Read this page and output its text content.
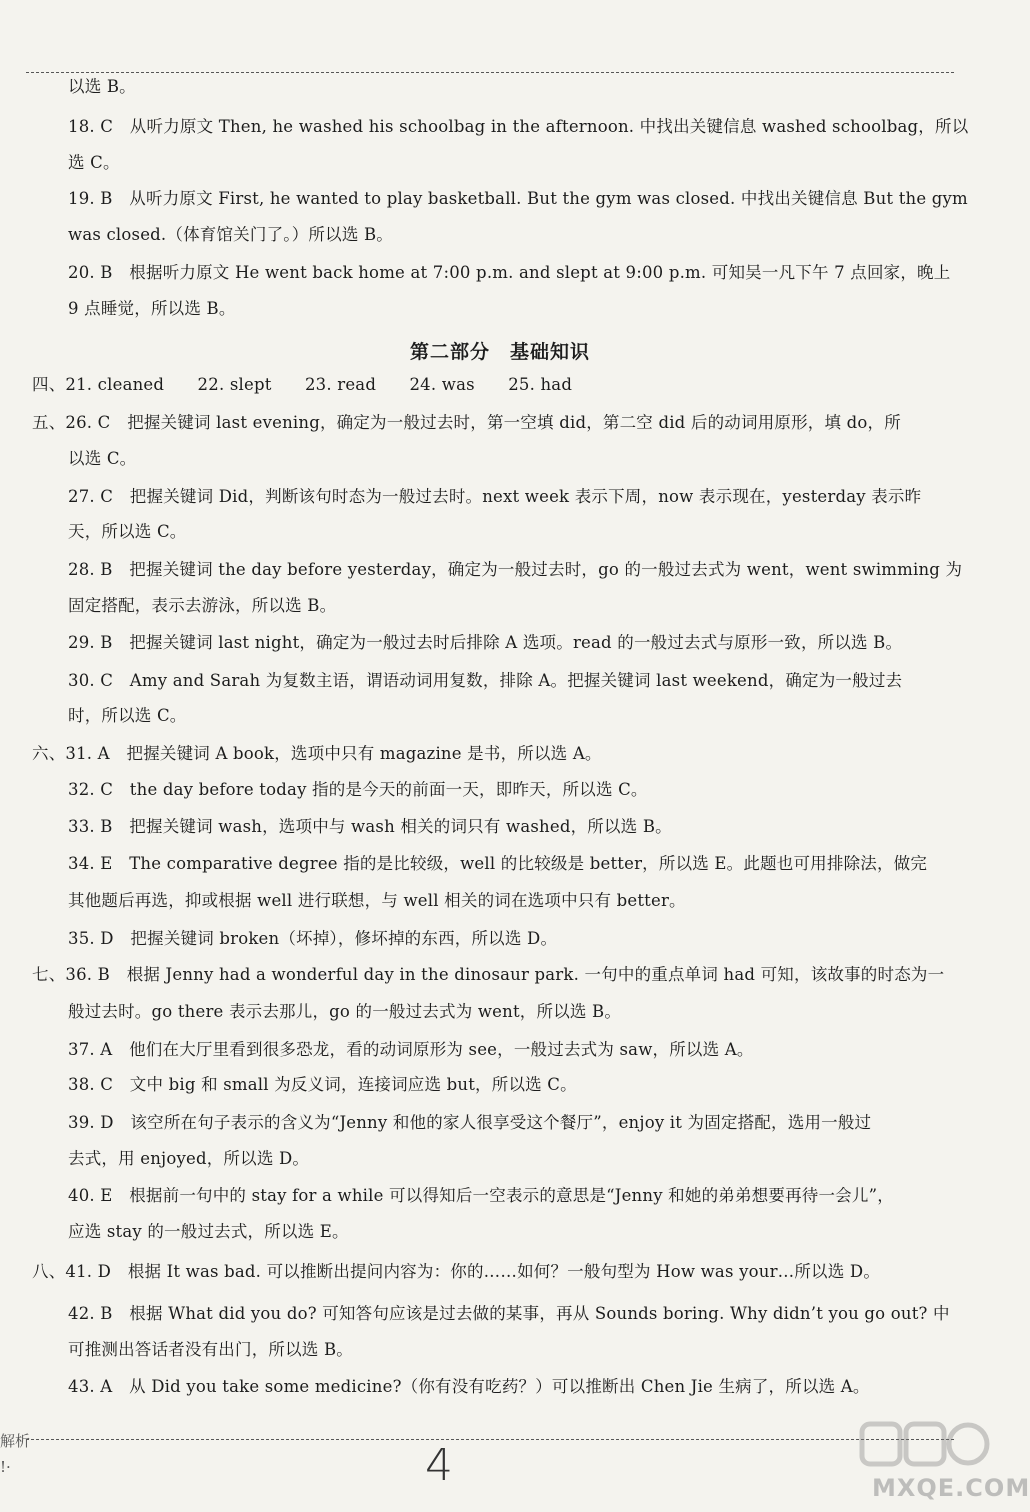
以选 B。
18. C　从听力原文 Then, he washed his schoolbag in the afternoon. 中找出关键信息 washed schoolbag，所以
选 C。
19. B　从听力原文 First, he wanted to play basketball. But the gym was closed. 中找出关键信息 But the gym
was closed.（体育馆关门了。）所以选 B。
20. B　根据听力原文 He went back home at 7:00 p.m. and slept at 9:00 p.m. 可知吴一凡下午 7 点回家，晚上
9 点睡觉，所以选 B。
第二部分　基础知识
四、21. cleaned　　22. slept　　23. read　　24. was　　25. had
五、26. C　把握关键词 last evening，确定为一般过去时，第一空填 did，第二空 did 后的动词用原形，填 do，所
以选 C。
27. C　把握关键词 Did，判断该句时态为一般过去时。next week 表示下周，now 表示现在，yesterday 表示昨
天，所以选 C。
28. B　把握关键词 the day before yesterday，确定为一般过去时，go 的一般过去式为 went，went swimming 为
固定搭配，表示去游泳，所以选 B。
29. B　把握关键词 last night，确定为一般过去时后排除 A 选项。read 的一般过去式与原形一致，所以选 B。
30. C　Amy and Sarah 为复数主语，谓语动词用复数，排除 A。把握关键词 last weekend，确定为一般过去
时，所以选 C。
六、31. A　把握关键词 A book，选项中只有 magazine 是书，所以选 A。
32. C　the day before today 指的是今天的前面一天，即昨天，所以选 C。
33. B　把握关键词 wash，选项中与 wash 相关的词只有 washed，所以选 B。
34. E　The comparative degree 指的是比较级，well 的比较级是 better，所以选 E。此题也可用排除法，做完
其他题后再选，抑或根据 well 进行联想，与 well 相关的词在选项中只有 better。
35. D　把握关键词 broken（坏掉），修坏掉的东西，所以选 D。
七、36. B　根据 Jenny had a wonderful day in the dinosaur park. 一句中的重点单词 had 可知，该故事的时态为一
般过去时。go there 表示去那儿，go 的一般过去式为 went，所以选 B。
37. A　他们在大厅里看到很多恐龙，看的动词原形为 see，一般过去式为 saw，所以选 A。
38. C　文中 big 和 small 为反义词，连接词应选 but，所以选 C。
39. D　该空所在句子表示的含义为“Jenny 和他的家人很享受这个餐厅”，enjoy it 为固定搭配，选用一般过
去式，用 enjoyed，所以选 D。
40. E　根据前一句中的 stay for a while 可以得知后一空表示的意思是“Jenny 和她的弟弟想要再待一会儿”，
应选 stay 的一般过去式，所以选 E。
八、41. D　根据 It was bad. 可以推断出提问内容为：你的……如何？一般句型为 How was your…所以选 D。
42. B　根据 What did you do? 可知答句应该是过去做的某事，再从 Sounds boring. Why didn’t you go out? 中
可推测出答话者没有出门，所以选 B。
43. A　从 Did you take some medicine?（你有没有吃药？）可以推断出 Chen Jie 生病了，所以选 A。
4
解析
!·
MXQE.COM
